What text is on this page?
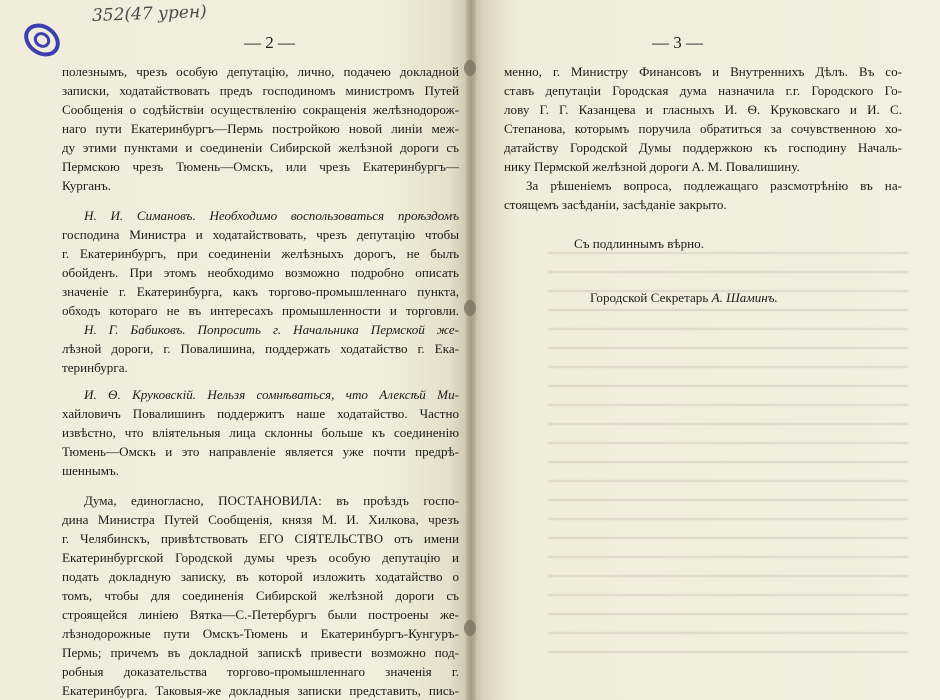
352(47 урен)
— 2 —
полезнымъ, чрезъ особую депутацію, лично, подачею докладной
записки, ходатайствовать предъ господиномъ министромъ Путей
Сообщенія о содѣйствіи осуществленію сокращенія желѣзнодорож-
наго пути Екатеринбургъ—Пермь постройкою новой линіи меж-
ду этими пунктами и соединеніи Сибирской желѣзной дороги съ
Пермскою чрезъ Тюмень—Омскъ, или чрезъ Екатеринбургъ—
Курганъ.
Н. И. Симановъ. Необходимо воспользоваться проѣздомъ
господина Министра и ходатайствовать, чрезъ депутацію чтобы
г. Екатеринбургъ, при соединеніи желѣзныхъ дорогъ, не былъ
обойденъ. При этомъ необходимо возможно подробно описать
значеніе г. Екатеринбурга, какъ торгово-промышленнаго пункта,
обходъ котораго не въ интересахъ промышленности и торговли.
Н. Г. Бабиковъ. Попросить г. Начальника Пермской же-
лѣзной дороги, г. Повалишина, поддержать ходатайство г. Ека-
теринбурга.
И. Ѳ. Круковскій. Нельзя сомнѣваться, что Алексѣй Ми-
хайловичъ Повалишинъ поддержитъ наше ходатайство. Частно
извѣстно, что вліятельныя лица склонны больше къ соединенію
Тюмень—Омскъ и это направленіе является уже почти предрѣ-
шеннымъ.
Дума, единогласно, ПОСТАНОВИЛА: въ проѣздъ госпо-
дина Министра Путей Сообщенія, князя М. И. Хилкова, чрезъ
г. Челябинскъ, привѣтствовать ЕГО СІЯТЕЛЬСТВО отъ имени
Екатеринбургской Городской думы чрезъ особую депутацію и
подать докладную записку, въ которой изложить ходатайство о
томъ, чтобы для соединенія Сибирской желѣзной дороги съ
строящейся линіею Вятка—С.-Петербургъ были построены же-
лѣзнодорожные пути Омскъ-Тюмень и Екатеринбургъ-Кунгуръ-
Пермь; причемъ въ докладной запискѣ привести возможно под-
робныя доказательства торгово-промышленнаго значенія г.
Екатеринбурга. Таковыя-же докладныя записки представить, пись-
— 3 —
менно, г. Министру Финансовъ и Внутреннихъ Дѣлъ. Въ со-
ставъ депутаціи Городская дума назначила г.г. Городского Го-
лову Г. Г. Казанцева и гласныхъ И. Ѳ. Круковскаго и И. С.
Степанова, которымъ поручила обратиться за сочувственною хо-
датайству Городской Думы поддержкою къ господину Началь-
нику Пермской желѣзной дороги А. М. Повалишину.
За рѣшеніемъ вопроса, подлежащаго разсмотрѣнію въ на-
стоящемъ засѣданіи, засѣданіе закрыто.
Съ подлиннымъ вѣрно.
Городской Секретарь А. Шаминъ.
